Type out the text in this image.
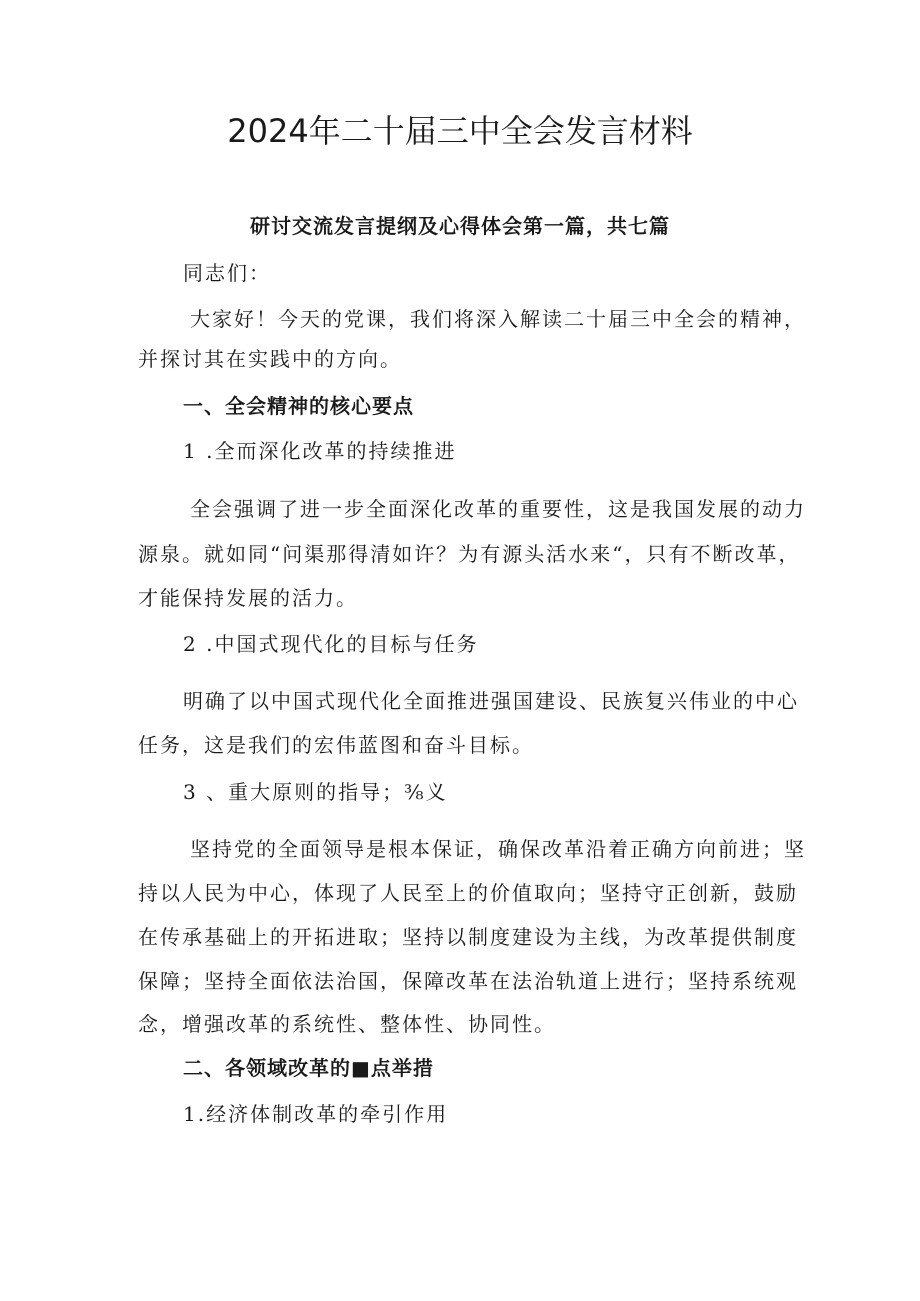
2024年二十届三中全会发言材料
研讨交流发言提纲及心得体会第一篇，共七篇
同志们：
大家好！今天的党课，我们将深入解读二十届三中全会的精神，
并探讨其在实践中的方向。
一、全会精神的核心要点
1 .全而深化改革的持续推进
全会强调了进一步全面深化改革的重要性，这是我国发展的动力
源泉。就如同“问渠那得清如许？为有源头活水来“，只有不断改革，
才能保持发展的活力。
2 .中国式现代化的目标与任务
明确了以中国式现代化全面推进强国建设、民族复兴伟业的中心
任务，这是我们的宏伟蓝图和奋斗目标。
3 、重大原则的指导；⅜义
坚持党的全面领导是根本保证，确保改革沿着正确方向前进；坚
持以人民为中心，体现了人民至上的价值取向；坚持守正创新，鼓励
在传承基础上的开拓进取；坚持以制度建设为主线，为改革提供制度
保障；坚持全面依法治国，保障改革在法治轨道上进行；坚持系统观
念，增强改革的系统性、整体性、协同性。
二、各领域改革的■点举措
1.经济体制改革的牵引作用
